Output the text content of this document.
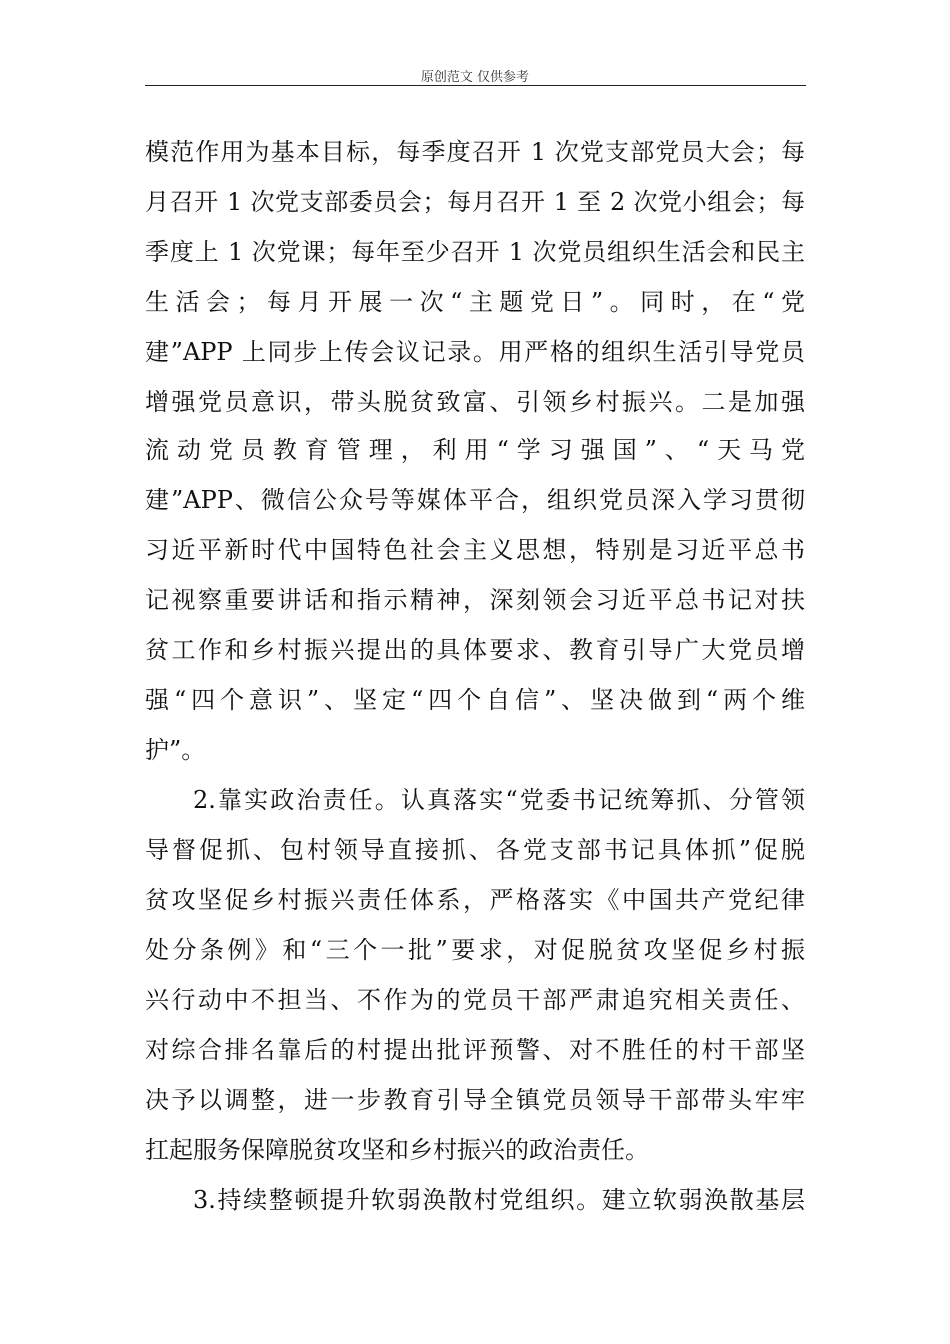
原创范文 仅供参考
模范作用为基本目标，每季度召开 1 次党支部党员大会；每
月召开 1 次党支部委员会；每月召开 1 至 2 次党小组会；每
季度上 1 次党课；每年至少召开 1 次党员组织生活会和民主
生活会；每月开展一次“主题党日”。同时，在“党
建”APP 上同步上传会议记录。用严格的组织生活引导党员
增强党员意识，带头脱贫致富、引领乡村振兴。二是加强
流动党员教育管理，利用“学习强国”、“天马党
建”APP、微信公众号等媒体平合，组织党员深入学习贯彻
习近平新时代中国特色社会主义思想，特别是习近平总书
记视察重要讲话和指示精神，深刻领会习近平总书记对扶
贫工作和乡村振兴提出的具体要求、教育引导广大党员增
强“四个意识”、坚定“四个自信”、坚决做到“两个维
护”。
2.靠实政治责任。认真落实“党委书记统筹抓、分管领
导督促抓、包村领导直接抓、各党支部书记具体抓”促脱
贫攻坚促乡村振兴责任体系，严格落实《中国共产党纪律
处分条例》和“三个一批”要求，对促脱贫攻坚促乡村振
兴行动中不担当、不作为的党员干部严肃追究相关责任、
对综合排名靠后的村提出批评预警、对不胜任的村干部坚
决予以调整，进一步教育引导全镇党员领导干部带头牢牢
扛起服务保障脱贫攻坚和乡村振兴的政治责任。
3.持续整顿提升软弱涣散村党组织。建立软弱涣散基层
